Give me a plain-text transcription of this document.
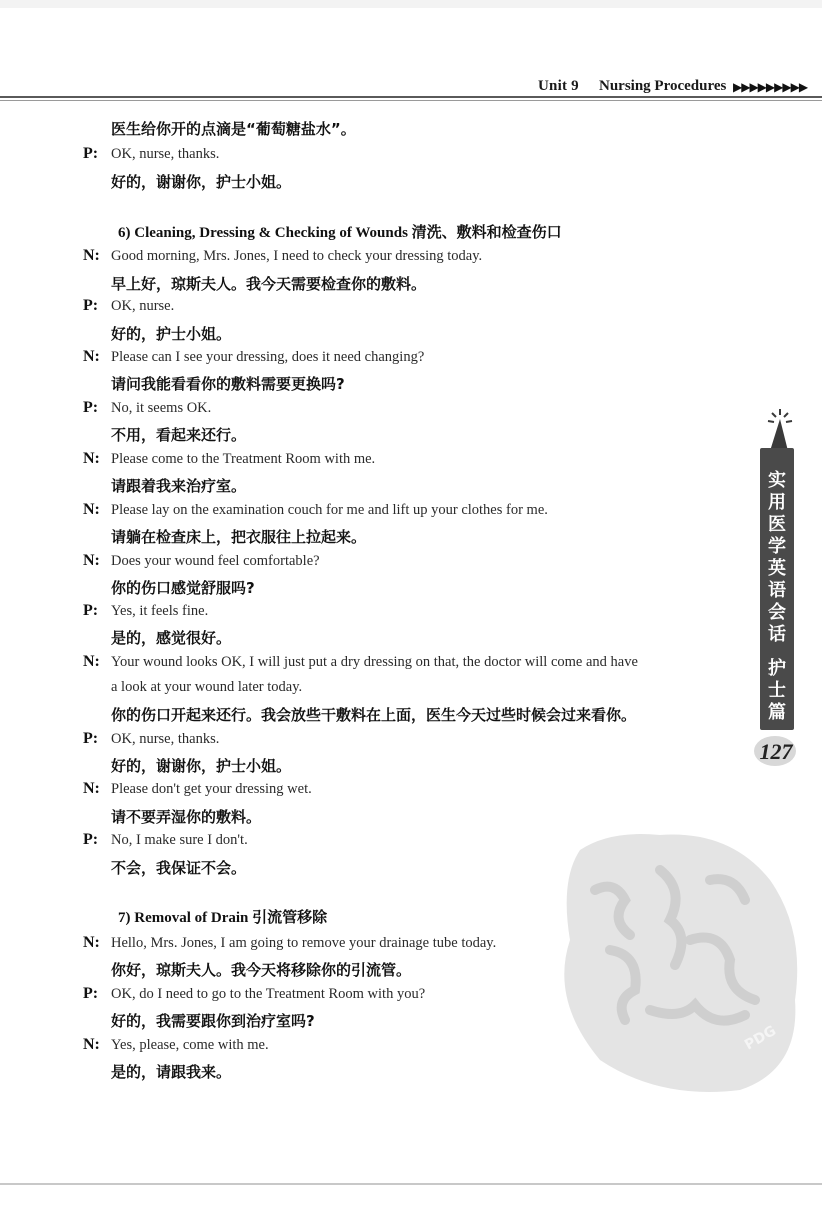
Unit 9 Nursing Procedures ▶▶▶▶▶▶▶▶▶
医生给你开的点滴是“葡萄糖盐水”。
P: OK, nurse, thanks.
好的，谢谢你，护士小姐。
6) Cleaning, Dressing & Checking of Wounds 清洗、敷料和检查伤口
N: Good morning, Mrs. Jones, I need to check your dressing today.
早上好，琼斯夫人。我今天需要检查你的敷料。
P: OK, nurse.
好的，护士小姐。
N: Please can I see your dressing, does it need changing?
请问我能看看你的敷料需要更换吗?
P: No, it seems OK.
不用，看起来还行。
N: Please come to the Treatment Room with me.
请跟着我来治疗室。
N: Please lay on the examination couch for me and lift up your clothes for me.
请躺在检查床上，把衣服往上拉起来。
N: Does your wound feel comfortable?
你的伤口感觉舒服吗?
P: Yes, it feels fine.
是的，感觉很好。
N: Your wound looks OK, I will just put a dry dressing on that, the doctor will come and have
a look at your wound later today.
你的伤口开起来还行。我会放些干敷料在上面，医生今天过些时候会过来看你。
P: OK, nurse, thanks.
好的，谢谢你，护士小姐。
N: Please don't get your dressing wet.
请不要弄湿你的敷料。
P: No, I make sure I don't.
不会，我保证不会。
7) Removal of Drain 引流管移除
N: Hello, Mrs. Jones, I am going to remove your drainage tube today.
你好，琼斯夫人。我今天将移除你的引流管。
P: OK, do I need to go to the Treatment Room with you?
好的，我需要跟你到治疗室吗?
N: Yes, please, come with me.
是的，请跟我来。
实用医学英语会话
护士篇
127
PDG
